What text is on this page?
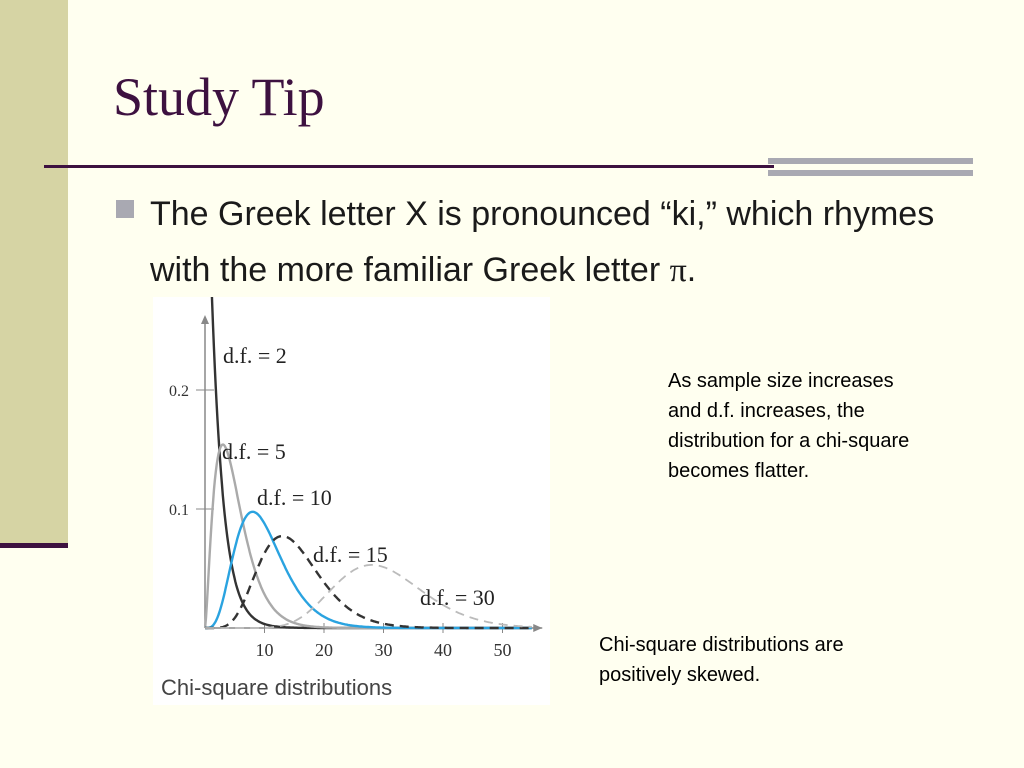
Study Tip
The Greek letter X is pronounced “ki,” which rhymes with the more familiar Greek letter π.
10 20 30 40 50
0.1
0.2
d.f. = 2
d.f. = 5
d.f. = 10
d.f. = 15
d.f. = 30
Chi-square distributions
As sample size increases and d.f. increases, the distribution for a chi-square becomes flatter.
Chi-square distributions are positively skewed.
